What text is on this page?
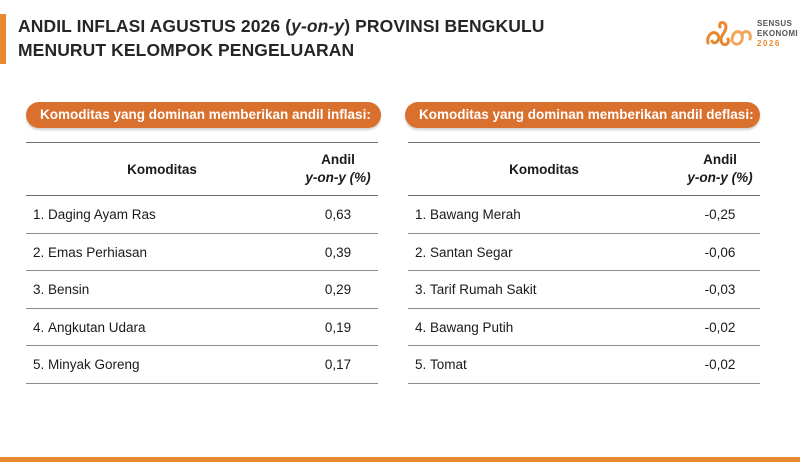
ANDIL INFLASI AGUSTUS 2026 (y-on-y) PROVINSI BENGKULU
MENURUT KELOMPOK PENGELUARAN
SENSUS
EKONOMI
2026
Komoditas yang dominan memberikan andil inflasi:
Komoditas
Andil
y-on-y (%)
1. Daging Ayam Ras	0,63
2. Emas Perhiasan	0,39
3. Bensin	0,29
4. Angkutan Udara	0,19
5. Minyak Goreng	0,17
Komoditas yang dominan memberikan andil deflasi:
Komoditas
Andil
y-on-y (%)
1. Bawang Merah	-0,25
2. Santan Segar	-0,06
3. Tarif Rumah Sakit	-0,03
4. Bawang Putih	-0,02
5. Tomat	-0,02
